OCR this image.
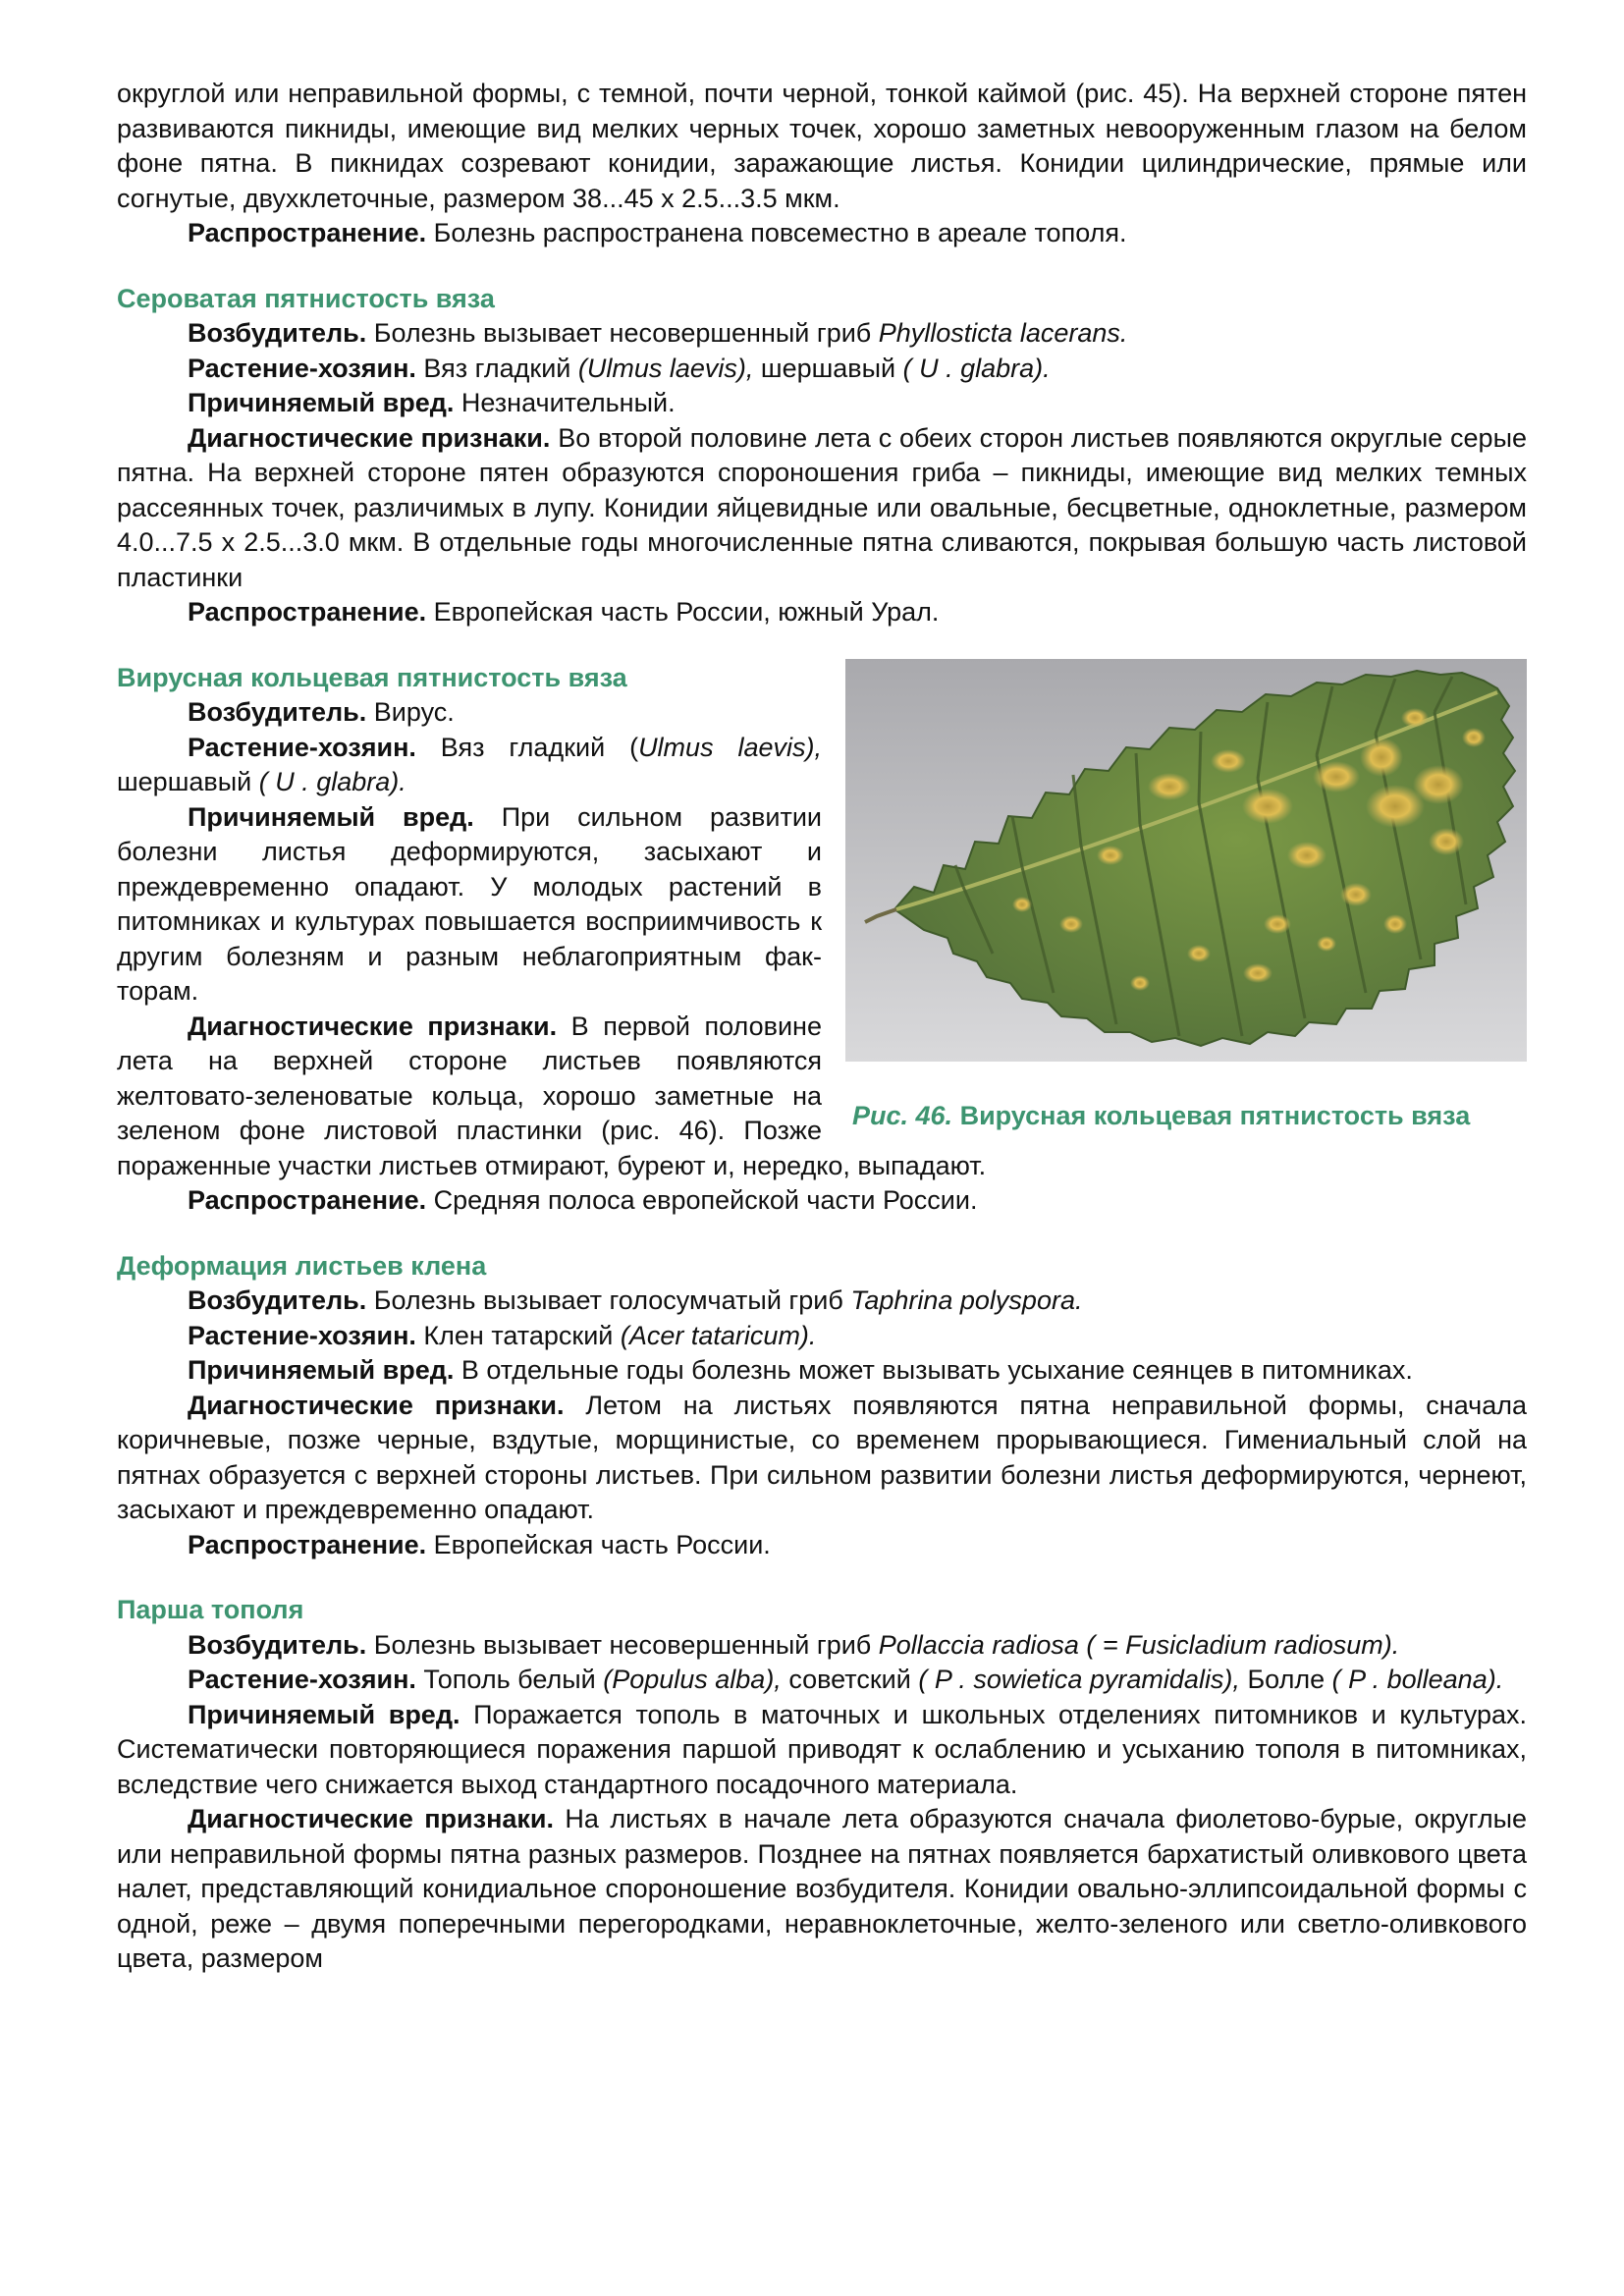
округлой или неправильной формы, с темной, почти черной, тонкой каймой (рис. 45). На верхней стороне пятен развиваются пикниды, имеющие вид мелких черных точек, хорошо заметных невооруженным глазом на белом фоне пятна. В пикнидах созревают конидии, заражающие листья. Конидии цилиндрические, прямые или согнутые, двухклеточные, размером 38...45 x 2.5...3.5 мкм.

Распространение. Болезнь распространена повсеместно в ареале тополя.

Сероватая пятнистость вяза

Возбудитель. Болезнь вызывает несовершенный гриб Phyllosticta lacerans.

Растение-хозяин. Вяз гладкий (Ulmus laevis), шершавый ( U . glabra).

Причиняемый вред. Незначительный.

Диагностические признаки. Во второй половине лета с обеих сторон листьев появляются округлые серые пятна. На верхней стороне пятен образуются спороношения гриба – пикниды, имеющие вид мелких темных рассеянных точек, различимых в лупу. Конидии яйцевидные или овальные, бесцветные, одноклетные, размером 4.0...7.5 x 2.5...3.0 мкм. В отдельные годы многочисленные пятна сливаются, покрывая большую часть листовой пластинки

Распространение. Европейская часть России, южный Урал.

Рис. 46. Вирусная кольцевая пятнистость вяза
Вирусная кольцевая пятнистость вяза

Возбудитель. Вирус.

Растение-хозяин. Вяз гладкий (Ulmus laevis), шершавый ( U . glabra).

Причиняемый вред. При сильном развитии болезни листья деформируются, засыхают и преждевременно опадают. У молодых растений в питомниках и культурах повышается восприимчивость к другим болезням и разным неблагоприятным фак-торам.

Диагностические признаки. В первой половине лета на верхней стороне листьев появляются желтовато-зеленоватые кольца, хорошо заметные на зеленом фоне листовой пластинки (рис. 46). Позже пораженные участки листьев отмирают, буреют и, нередко, выпадают.

Распространение. Средняя полоса европейской части России.

Деформация листьев клена

Возбудитель. Болезнь вызывает голосумчатый гриб Taphrina polyspora.

Растение-хозяин. Клен татарский (Acer tataricum).

Причиняемый вред. В отдельные годы болезнь может вызывать усыхание сеянцев в питомниках.

Диагностические признаки. Летом на листьях появляются пятна неправильной формы, сначала коричневые, позже черные, вздутые, морщинистые, со временем прорывающиеся. Гимениальный слой на пятнах образуется с верхней стороны листьев. При сильном развитии болезни листья деформируются, чернеют, засыхают и преждевременно опадают.

Распространение. Европейская часть России.

Парша тополя

Возбудитель. Болезнь вызывает несовершенный гриб Pollaccia radiosa ( = Fusicladium radiosum).

Растение-хозяин. Тополь белый (Populus alba), советский ( P . sowietica pyramidalis), Болле ( P . bolleana).

Причиняемый вред. Поражается тополь в маточных и школьных отделениях питомников и культурах. Систематически повторяющиеся поражения паршой приводят к ослаблению и усыханию тополя в питомниках, вследствие чего снижается выход стандартного посадочного материала.

Диагностические признаки. На листьях в начале лета образуются сначала фиолетово-бурые, округлые или неправильной формы пятна разных размеров. Позднее на пятнах появляется бархатистый оливкового цвета налет, представляющий конидиальное спороношение возбудителя. Конидии овально-эллипсоидальной формы с одной, реже – двумя поперечными перегородками, неравноклеточные, желто-зеленого или светло-оливкового цвета, размером
